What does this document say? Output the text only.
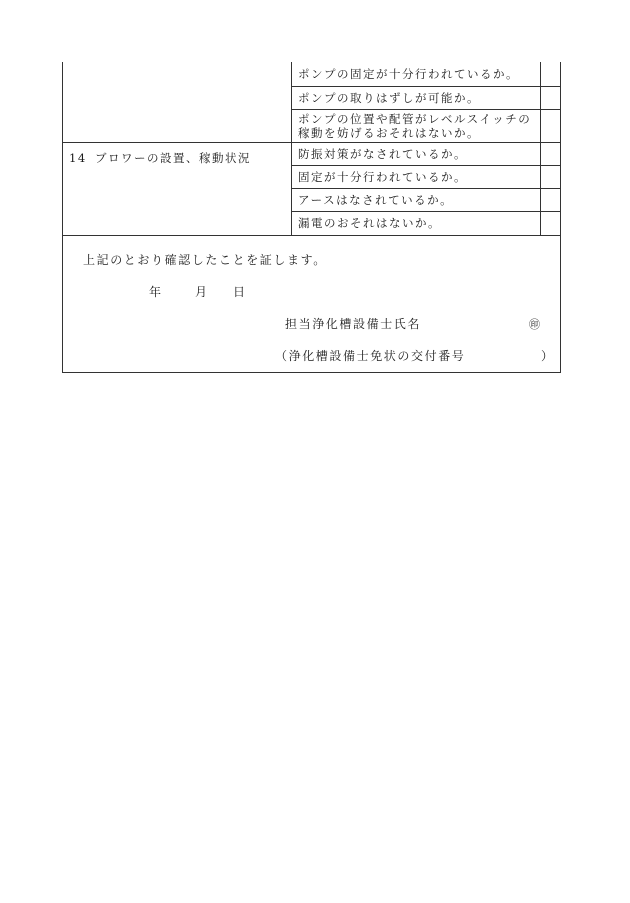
	ポンプの固定が十分行われているか。	
	ポンプの取りはずしが可能か。	
	ポンプの位置や配管がレベルスイッチの稼動を妨げるおそれはないか。	
14 ブロワーの設置、稼動状況	防振対策がなされているか。	
	固定が十分行われているか。	
	アースはなされているか。	
	漏電のおそれはないか。	
上記のとおり確認したことを証します。
年	月 日
担当浄化槽設備士氏名	㊞
（浄化槽設備士免状の交付番号	）
